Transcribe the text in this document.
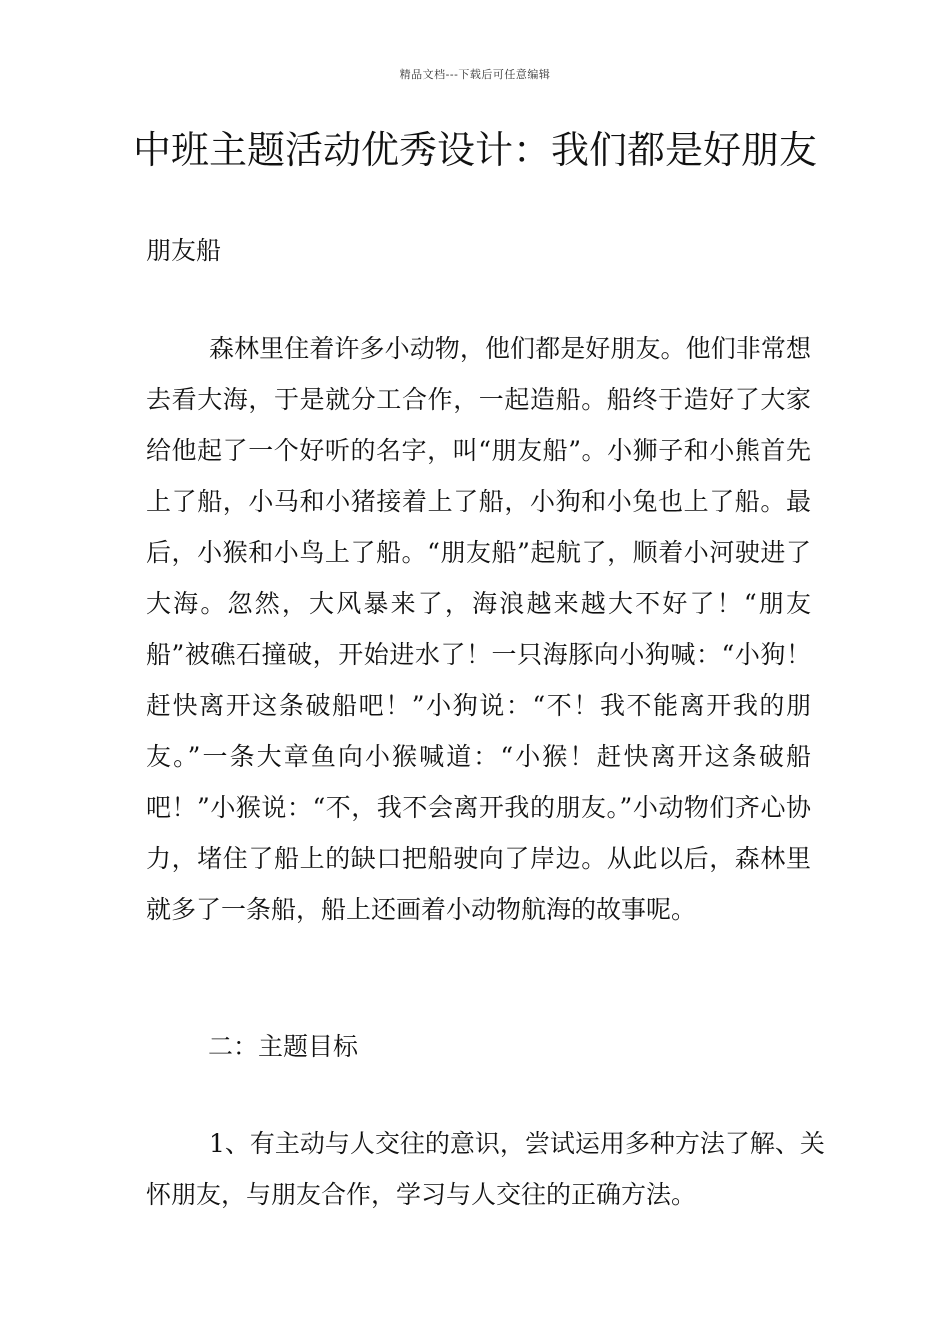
精品文档---下载后可任意编辑
中班主题活动优秀设计：我们都是好朋友

朋友船

森林里住着许多小动物，他们都是好朋友。他们非常想去看大海，于是就分工合作，一起造船。船终于造好了大家给他起了一个好听的名字，叫“朋友船”。小狮子和小熊首先上了船，小马和小猪接着上了船，小狗和小兔也上了船。最后，小猴和小鸟上了船。“朋友船”起航了，顺着小河驶进了大海。忽然，大风暴来了，海浪越来越大不好了！“朋友船”被礁石撞破，开始进水了！一只海豚向小狗喊：“小狗！赶快离开这条破船吧！”小狗说：“不！我不能离开我的朋友。”一条大章鱼向小猴喊道：“小猴！赶快离开这条破船吧！”小猴说：“不，我不会离开我的朋友。”小动物们齐心协力，堵住了船上的缺口把船驶向了岸边。从此以后，森林里就多了一条船，船上还画着小动物航海的故事呢。

二：主题目标

1、有主动与人交往的意识，尝试运用多种方法了解、关怀朋友，与朋友合作，学习与人交往的正确方法。
